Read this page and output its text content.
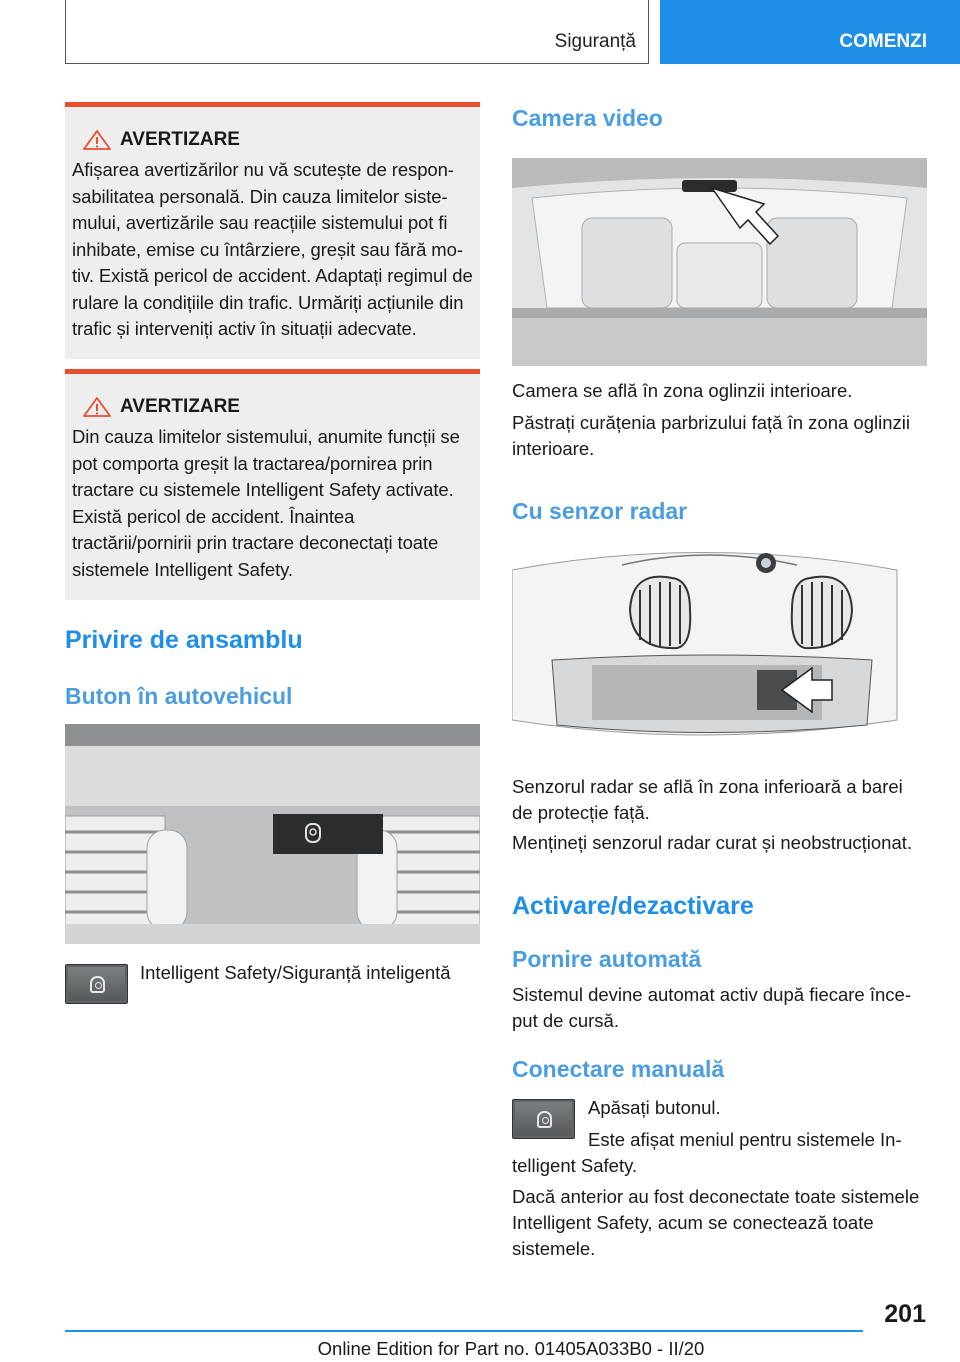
Siguranță	COMENZI
AVERTIZARE
Afișarea avertizărilor nu vă scutește de responsabilitatea personală. Din cauza limitelor sistemului, avertizările sau reacțiile sistemului pot fi inhibate, emise cu întârziere, greșit sau fără motiv. Există pericol de accident. Adaptați regimul de rulare la condițiile din trafic. Urmăriți acțiunile din trafic și interveniți activ în situații adecvate.
AVERTIZARE
Din cauza limitelor sistemului, anumite funcții se pot comporta greșit la tractarea/pornirea prin tractare cu sistemele Intelligent Safety activate. Există pericol de accident. Înaintea tractării/pornirii prin tractare deconectați toate sistemele Intelligent Safety.
Privire de ansamblu
Buton în autovehicul
Intelligent Safety/Siguranță inteligentă
Camera video
Camera se află în zona oglinzii interioare.
Păstrați curățenia parbrizului față în zona oglinzii interioare.
Cu senzor radar
Senzorul radar se află în zona inferioară a barei de protecție față.
Mențineți senzorul radar curat și neobstrucționat.
Activare/dezactivare
Pornire automată
Sistemul devine automat activ după fiecare început de cursă.
Conectare manuală
Apăsați butonul.
Este afișat meniul pentru sistemele Intelligent Safety.
Dacă anterior au fost deconectate toate sistemele Intelligent Safety, acum se conectează toate sistemele.
201
Online Edition for Part no. 01405A033B0 - II/20
